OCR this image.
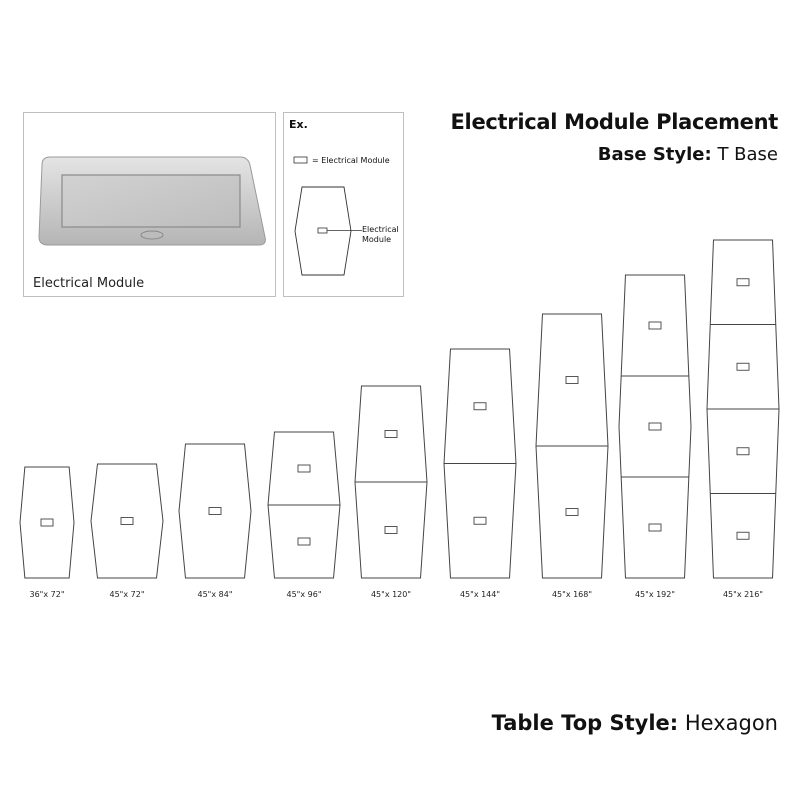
Electrical Module
Ex.
= Electrical Module
Electrical
Module
Electrical Module Placement
Base Style: T Base
36"x 72"	45"x 72"	45"x 84"	45"x 96"	45"x 120"	45"x 144"	45"x 168"	45"x 192"	45"x 216"
Table Top Style: Hexagon
